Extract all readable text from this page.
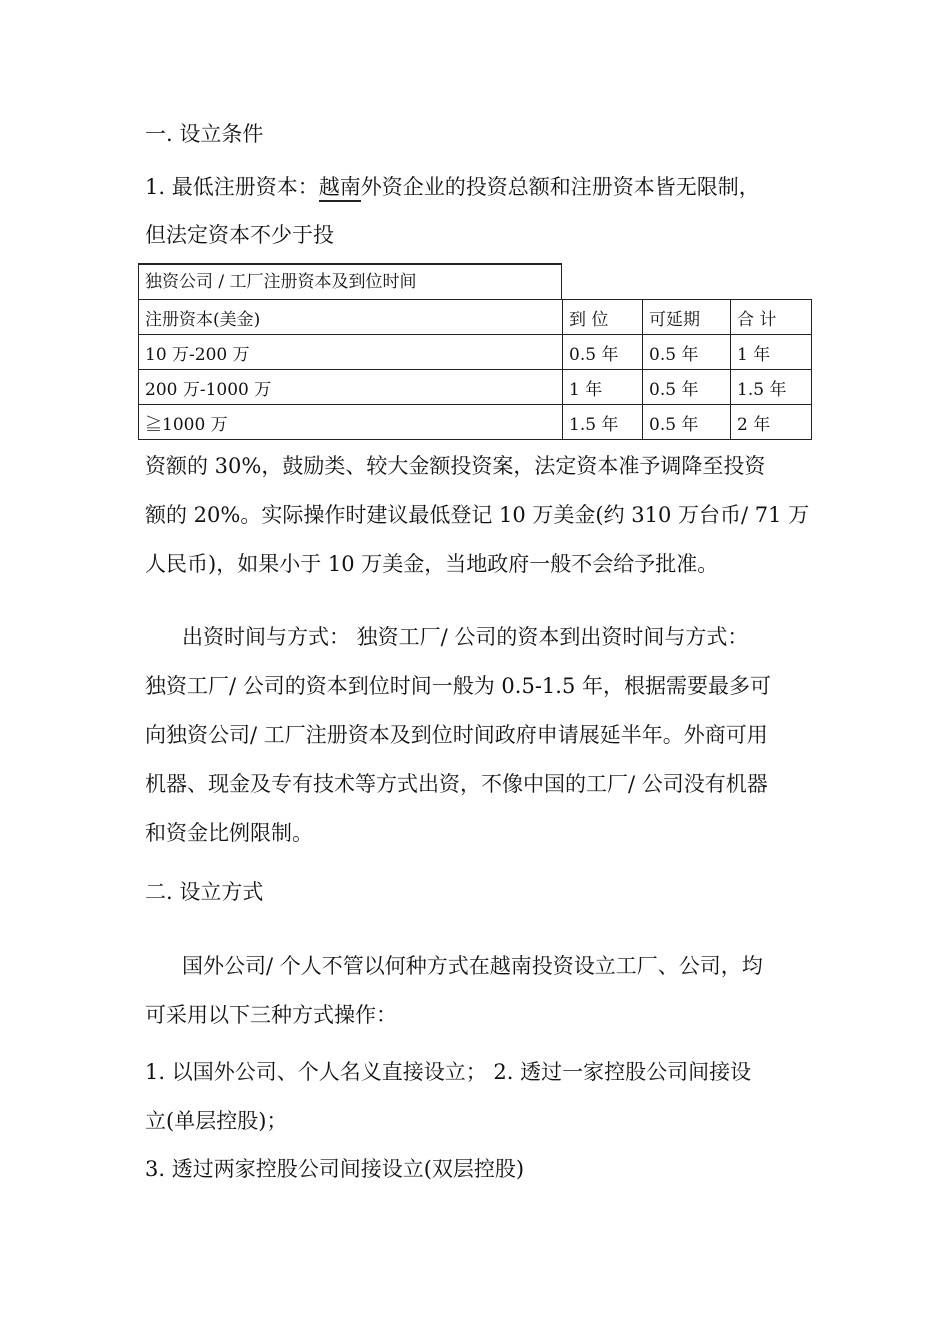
一. 设立条件

1. 最低注册资本：越南外资企业的投资总额和注册资本皆无限制，

但法定资本不少于投

独资公司 / 工厂注册资本及到位时间
注册资本(美金)	到 位	可延期	合 计
10 万-200 万	0.5 年	0.5 年	1 年
200 万-1000 万	1 年	0.5 年	1.5 年
≧1000 万	1.5 年	0.5 年	2 年

资额的 30%，鼓励类、较大金额投资案，法定资本准予调降至投资

额的 20%。实际操作时建议最低登记 10 万美金(约 310 万台币/ 71 万

人民币)，如果小于 10 万美金，当地政府一般不会给予批准。

出资时间与方式： 独资工厂/ 公司的资本到出资时间与方式：

独资工厂/ 公司的资本到位时间一般为 0.5-1.5 年，根据需要最多可

向独资公司/ 工厂注册资本及到位时间政府申请展延半年。外商可用

机器、现金及专有技术等方式出资，不像中国的工厂/ 公司没有机器

和资金比例限制。

二. 设立方式

国外公司/ 个人不管以何种方式在越南投资设立工厂、公司，均

可采用以下三种方式操作：

1. 以国外公司、个人名义直接设立； 2. 透过一家控股公司间接设

立(单层控股)；

3. 透过两家控股公司间接设立(双层控股)
